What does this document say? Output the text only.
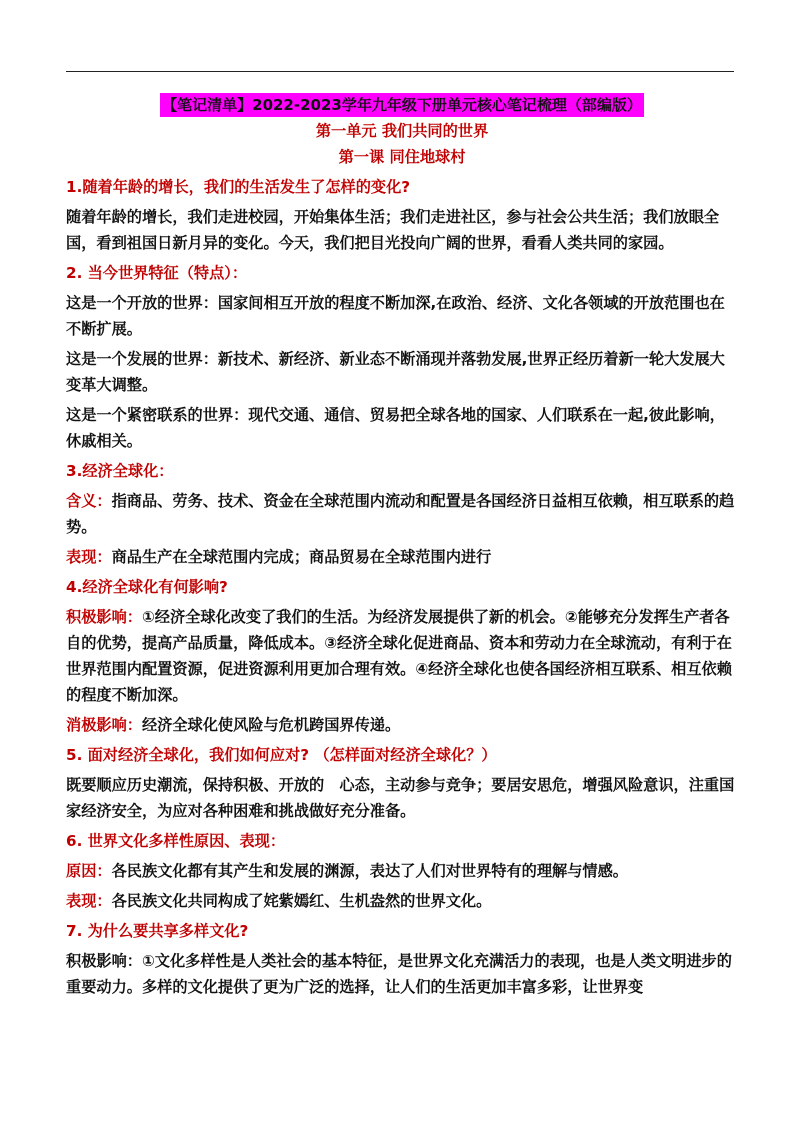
【笔记清单】2022-2023学年九年级下册单元核心笔记梳理（部编版）
第一单元 我们共同的世界
第一课 同住地球村
1.随着年龄的增长，我们的生活发生了怎样的变化?
随着年龄的增长，我们走进校园，开始集体生活；我们走进社区，参与社会公共生活；我们放眼全国，看到祖国日新月异的变化。今天，我们把目光投向广阔的世界，看看人类共同的家园。
2. 当今世界特征（特点）：
这是一个开放的世界：国家间相互开放的程度不断加深,在政治、经济、文化各领域的开放范围也在不断扩展。
这是一个发展的世界：新技术、新经济、新业态不断涌现并落勃发展,世界正经历着新一轮大发展大变革大调整。
这是一个紧密联系的世界：现代交通、通信、贸易把全球各地的国家、人们联系在一起,彼此影响，休戚相关。
3.经济全球化：
含义：指商品、劳务、技术、资金在全球范围内流动和配置是各国经济日益相互依赖，相互联系的趋势。
表现：商品生产在全球范围内完成；商品贸易在全球范围内进行
4.经济全球化有何影响?
积极影响：①经济全球化改变了我们的生活。为经济发展提供了新的机会。②能够充分发挥生产者各自的优势，提高产品质量，降低成本。③经济全球化促进商品、资本和劳动力在全球流动，有利于在世界范围内配置资源，促进资源利用更加合理有效。④经济全球化也使各国经济相互联系、相互依赖的程度不断加深。
消极影响：经济全球化使风险与危机跨国界传递。
5. 面对经济全球化，我们如何应对? （怎样面对经济全球化？）
既要顺应历史潮流，保持积极、开放的　心态，主动参与竞争；要居安思危，增强风险意识，注重国家经济安全，为应对各种困难和挑战做好充分准备。
6. 世界文化多样性原因、表现：
原因：各民族文化都有其产生和发展的渊源，表达了人们对世界特有的理解与情感。
表现：各民族文化共同构成了姹紫嫣红、生机盎然的世界文化。
7. 为什么要共享多样文化?
积极影响：①文化多样性是人类社会的基本特征，是世界文化充满活力的表现，也是人类文明进步的重要动力。多样的文化提供了更为广泛的选择，让人们的生活更加丰富多彩，让世界变
